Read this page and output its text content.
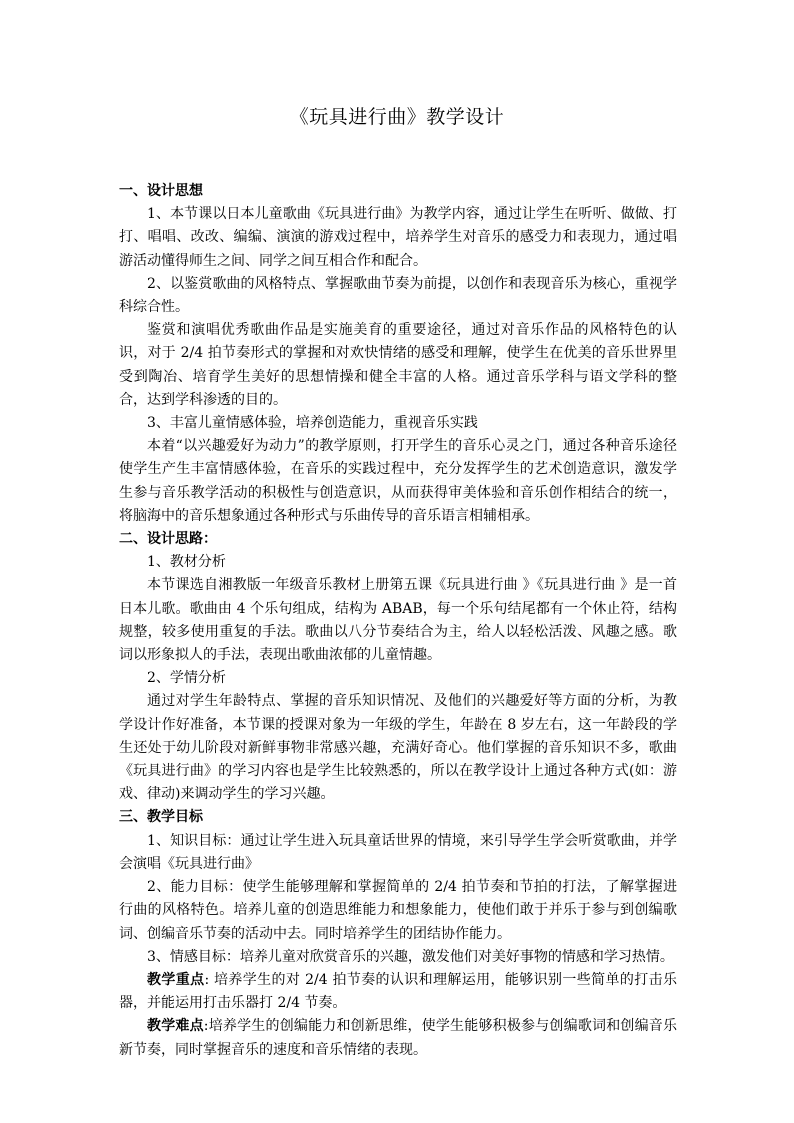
《玩具进行曲》教学设计

一、设计思想

1、本节课以日本儿童歌曲《玩具进行曲》为教学内容，通过让学生在听听、做做、打打、唱唱、改改、编编、演演的游戏过程中，培养学生对音乐的感受力和表现力，通过唱游活动懂得师生之间、同学之间互相合作和配合。

2、以鉴赏歌曲的风格特点、掌握歌曲节奏为前提，以创作和表现音乐为核心，重视学科综合性。

鉴赏和演唱优秀歌曲作品是实施美育的重要途径，通过对音乐作品的风格特色的认识，对于 2/4 拍节奏形式的掌握和对欢快情绪的感受和理解，使学生在优美的音乐世界里受到陶冶、培育学生美好的思想情操和健全丰富的人格。通过音乐学科与语文学科的整合，达到学科渗透的目的。

3、丰富儿童情感体验，培养创造能力，重视音乐实践

本着“以兴趣爱好为动力”的教学原则，打开学生的音乐心灵之门，通过各种音乐途径使学生产生丰富情感体验，在音乐的实践过程中，充分发挥学生的艺术创造意识，激发学生参与音乐教学活动的积极性与创造意识，从而获得审美体验和音乐创作相结合的统一，将脑海中的音乐想象通过各种形式与乐曲传导的音乐语言相辅相承。

二、设计思路：

1、教材分析

本节课选自湘教版一年级音乐教材上册第五课《玩具进行曲 》《玩具进行曲 》是一首日本儿歌。歌曲由 4 个乐句组成，结构为 ABAB，每一个乐句结尾都有一个休止符，结构规整，较多使用重复的手法。歌曲以八分节奏结合为主，给人以轻松活泼、风趣之感。歌词以形象拟人的手法，表现出歌曲浓郁的儿童情趣。

2、学情分析

通过对学生年龄特点、掌握的音乐知识情况、及他们的兴趣爱好等方面的分析，为教学设计作好准备，本节课的授课对象为一年级的学生，年龄在 8 岁左右，这一年龄段的学生还处于幼儿阶段对新鲜事物非常感兴趣，充满好奇心。他们掌握的音乐知识不多，歌曲《玩具进行曲》的学习内容也是学生比较熟悉的，所以在教学设计上通过各种方式(如：游戏、律动)来调动学生的学习兴趣。

三、教学目标

1、知识目标：通过让学生进入玩具童话世界的情境，来引导学生学会听赏歌曲，并学会演唱《玩具进行曲》

2、能力目标：使学生能够理解和掌握简单的 2/4 拍节奏和节拍的打法，了解掌握进行曲的风格特色。培养儿童的创造思维能力和想象能力，使他们敢于并乐于参与到创编歌词、创编音乐节奏的活动中去。同时培养学生的团结协作能力。

3、情感目标：培养儿童对欣赏音乐的兴趣，激发他们对美好事物的情感和学习热情。

教学重点: 培养学生的对 2/4 拍节奏的认识和理解运用，能够识别一些简单的打击乐器，并能运用打击乐器打 2/4 节奏。

教学难点:培养学生的创编能力和创新思维，使学生能够积极参与创编歌词和创编音乐新节奏，同时掌握音乐的速度和音乐情绪的表现。
